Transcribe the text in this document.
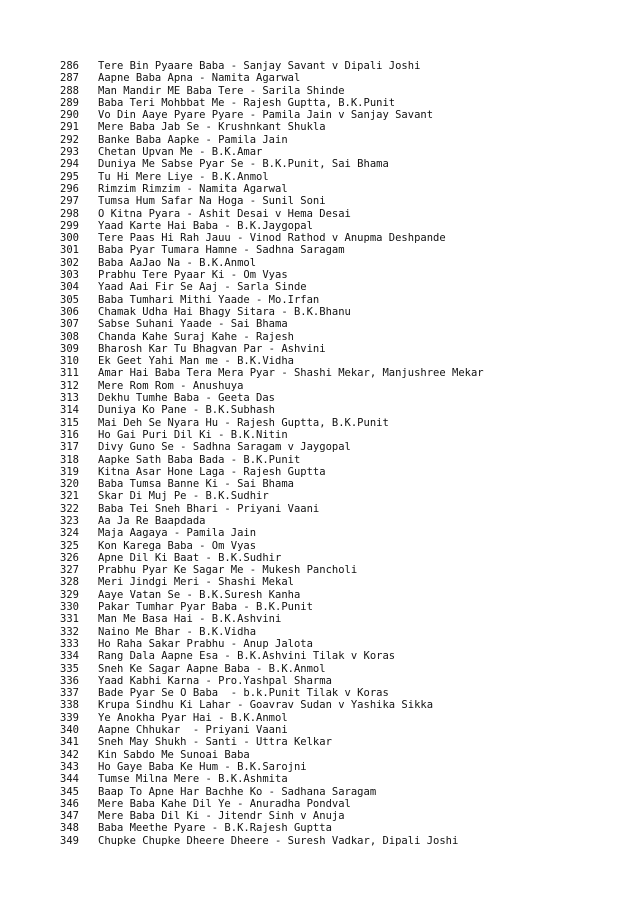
286	Tere Bin Pyaare Baba - Sanjay Savant v Dipali Joshi
287	Aapne Baba Apna - Namita Agarwal
288	Man Mandir ME Baba Tere - Sarila Shinde
289	Baba Teri Mohbbat Me - Rajesh Guptta, B.K.Punit
290	Vo Din Aaye Pyare Pyare - Pamila Jain v Sanjay Savant
291	Mere Baba Jab Se - Krushnkant Shukla
292	Banke Baba Aapke - Pamila Jain
293	Chetan Upvan Me - B.K.Amar
294	Duniya Me Sabse Pyar Se - B.K.Punit, Sai Bhama
295	Tu Hi Mere Liye - B.K.Anmol
296	Rimzim Rimzim - Namita Agarwal
297	Tumsa Hum Safar Na Hoga - Sunil Soni
298	O Kitna Pyara - Ashit Desai v Hema Desai
299	Yaad Karte Hai Baba - B.K.Jaygopal
300	Tere Paas Hi Rah Jauu - Vinod Rathod v Anupma Deshpande
301	Baba Pyar Tumara Hamne - Sadhna Saragam
302	Baba AaJao Na - B.K.Anmol
303	Prabhu Tere Pyaar Ki - Om Vyas
304	Yaad Aai Fir Se Aaj - Sarla Sinde
305	Baba Tumhari Mithi Yaade - Mo.Irfan
306	Chamak Udha Hai Bhagy Sitara - B.K.Bhanu
307	Sabse Suhani Yaade - Sai Bhama
308	Chanda Kahe Suraj Kahe - Rajesh
309	Bharosh Kar Tu Bhagvan Par - Ashvini
310	Ek Geet Yahi Man me - B.K.Vidha
311	Amar Hai Baba Tera Mera Pyar - Shashi Mekar, Manjushree Mekar
312	Mere Rom Rom - Anushuya
313	Dekhu Tumhe Baba - Geeta Das
314	Duniya Ko Pane - B.K.Subhash
315	Mai Deh Se Nyara Hu - Rajesh Guptta, B.K.Punit
316	Ho Gai Puri Dil Ki - B.K.Nitin
317	Divy Guno Se - Sadhna Saragam v Jaygopal
318	Aapke Sath Baba Bada - B.K.Punit
319	Kitna Asar Hone Laga - Rajesh Guptta
320	Baba Tumsa Banne Ki - Sai Bhama
321	Skar Di Muj Pe - B.K.Sudhir
322	Baba Tei Sneh Bhari - Priyani Vaani
323	Aa Ja Re Baapdada
324	Maja Aagaya - Pamila Jain
325	Kon Karega Baba - Om Vyas
326	Apne Dil Ki Baat - B.K.Sudhir
327	Prabhu Pyar Ke Sagar Me - Mukesh Pancholi
328	Meri Jindgi Meri - Shashi Mekal
329	Aaye Vatan Se - B.K.Suresh Kanha
330	Pakar Tumhar Pyar Baba - B.K.Punit
331	Man Me Basa Hai - B.K.Ashvini
332	Naino Me Bhar - B.K.Vidha
333	Ho Raha Sakar Prabhu - Anup Jalota
334	Rang Dala Aapne Esa - B.K.Ashvini Tilak v Koras
335	Sneh Ke Sagar Aapne Baba - B.K.Anmol
336	Yaad Kabhi Karna - Pro.Yashpal Sharma
337	Bade Pyar Se O Baba  - b.k.Punit Tilak v Koras
338	Krupa Sindhu Ki Lahar - Goavrav Sudan v Yashika Sikka
339	Ye Anokha Pyar Hai - B.K.Anmol
340	Aapne Chhukar  - Priyani Vaani
341	Sneh May Shukh - Santi - Uttra Kelkar
342	Kin Sabdo Me Sunoai Baba
343	Ho Gaye Baba Ke Hum - B.K.Sarojni
344	Tumse Milna Mere - B.K.Ashmita
345	Baap To Apne Har Bachhe Ko - Sadhana Saragam
346	Mere Baba Kahe Dil Ye - Anuradha Pondval
347	Mere Baba Dil Ki - Jitendr Sinh v Anuja
348	Baba Meethe Pyare - B.K.Rajesh Guptta
349	Chupke Chupke Dheere Dheere - Suresh Vadkar, Dipali Joshi
